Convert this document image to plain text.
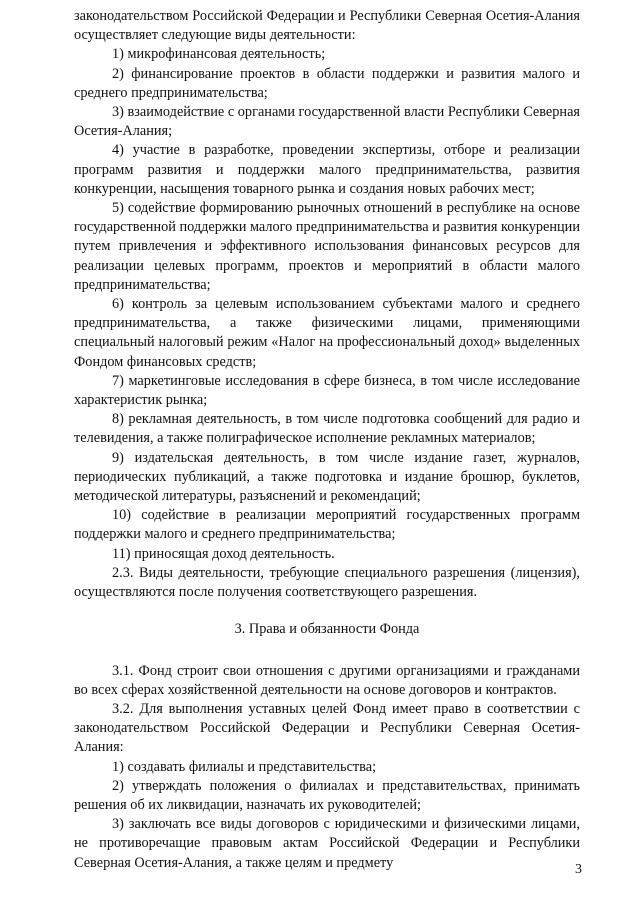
законодательством Российской Федерации и Республики Северная Осетия-Алания осуществляет следующие виды деятельности:

1) микрофинансовая деятельность;

2) финансирование проектов в области поддержки и развития малого и среднего предпринимательства;

3) взаимодействие с органами государственной власти Республики Северная Осетия-Алания;

4) участие в разработке, проведении экспертизы, отборе и реализации программ развития и поддержки малого предпринимательства, развития конкуренции, насыщения товарного рынка и создания новых рабочих мест;

5) содействие формированию рыночных отношений в республике на основе государственной поддержки малого предпринимательства и развития конкуренции путем привлечения и эффективного использования финансовых ресурсов для реализации целевых программ, проектов и мероприятий в области малого предпринимательства;

6) контроль за целевым использованием субъектами малого и среднего предпринимательства, а также физическими лицами, применяющими специальный налоговый режим «Налог на профессиональный доход» выделенных Фондом финансовых средств;

7) маркетинговые исследования в сфере бизнеса, в том числе исследование характеристик рынка;

8) рекламная деятельность, в том числе подготовка сообщений для радио и телевидения, а также полиграфическое исполнение рекламных материалов;

9) издательская деятельность, в том числе издание газет, журналов, периодических публикаций, а также подготовка и издание брошюр, буклетов, методической литературы, разъяснений и рекомендаций;

10) содействие в реализации мероприятий государственных программ поддержки малого и среднего предпринимательства;

11) приносящая доход деятельность.

2.3. Виды деятельности, требующие специального разрешения (лицензия), осуществляются после получения соответствующего разрешения.

3. Права и обязанности Фонда

3.1. Фонд строит свои отношения с другими организациями и гражданами во всех сферах хозяйственной деятельности на основе договоров и контрактов.

3.2. Для выполнения уставных целей Фонд имеет право в соответствии с законодательством Российской Федерации и Республики Северная Осетия-Алания:

1) создавать филиалы и представительства;

2) утверждать положения о филиалах и представительствах, принимать решения об их ликвидации, назначать их руководителей;

3) заключать все виды договоров с юридическими и физическими лицами, не противоречащие правовым актам Российской Федерации и Республики Северная Осетия-Алания, а также целям и предмету	3
